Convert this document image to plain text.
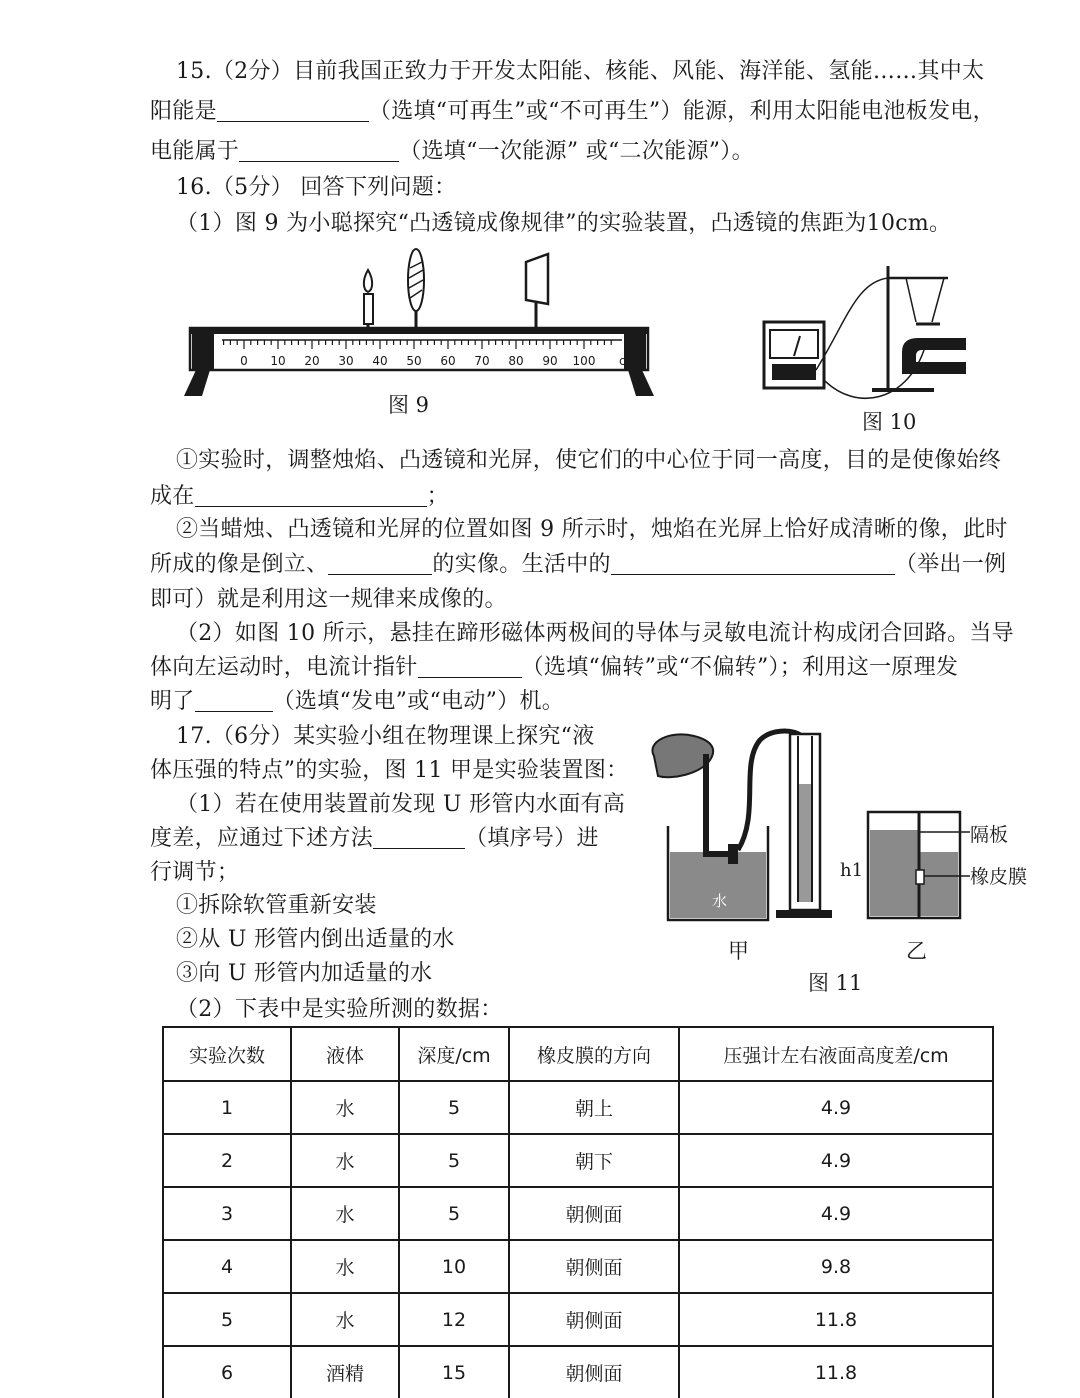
15.（2分）目前我国正致力于开发太阳能、核能、风能、海洋能、氢能……其中太
阳能是	（选填“可再生”或“不可再生”）能源，利用太阳能电池板发电，
电能属于	（选填“一次能源” 或“二次能源”）。
16.（5分） 回答下列问题：
（1）图 9 为小聪探究“凸透镜成像规律”的实验装置，凸透镜的焦距为10cm。
0 10 20 30 40 50 60 70 80 90 100 cm
图 9
图 10
①实验时，调整烛焰、凸透镜和光屏，使它们的中心位于同一高度，目的是使像始终
成在	；
②当蜡烛、凸透镜和光屏的位置如图 9 所示时，烛焰在光屏上恰好成清晰的像，此时
所成的像是倒立、	的实像。生活中的	（举出一例
即可）就是利用这一规律来成像的。
（2）如图 10 所示，悬挂在蹄形磁体两极间的导体与灵敏电流计构成闭合回路。当导
体向左运动时，电流计指针	（选填“偏转”或“不偏转”）；利用这一原理发
明了	（选填“发电”或“电动”）机。
17.（6分）某实验小组在物理课上探究“液
体压强的特点”的实验，图 11 甲是实验装置图：
（1）若在使用装置前发现 U 形管内水面有高
度差，应通过下述方法	（填序号）进
行调节；
①拆除软管重新安装
②从 U 形管内倒出适量的水
③向 U 形管内加适量的水
（2）下表中是实验所测的数据：
水
h1
隔板
橡皮膜
甲	乙
图 11
实验次数	液体	深度/cm	橡皮膜的方向	压强计左右液面高度差/cm
1	水	5	朝上	4.9
2	水	5	朝下	4.9
3	水	5	朝侧面	4.9
4	水	10	朝侧面	9.8
5	水	12	朝侧面	11.8
6	酒精	15	朝侧面	11.8
